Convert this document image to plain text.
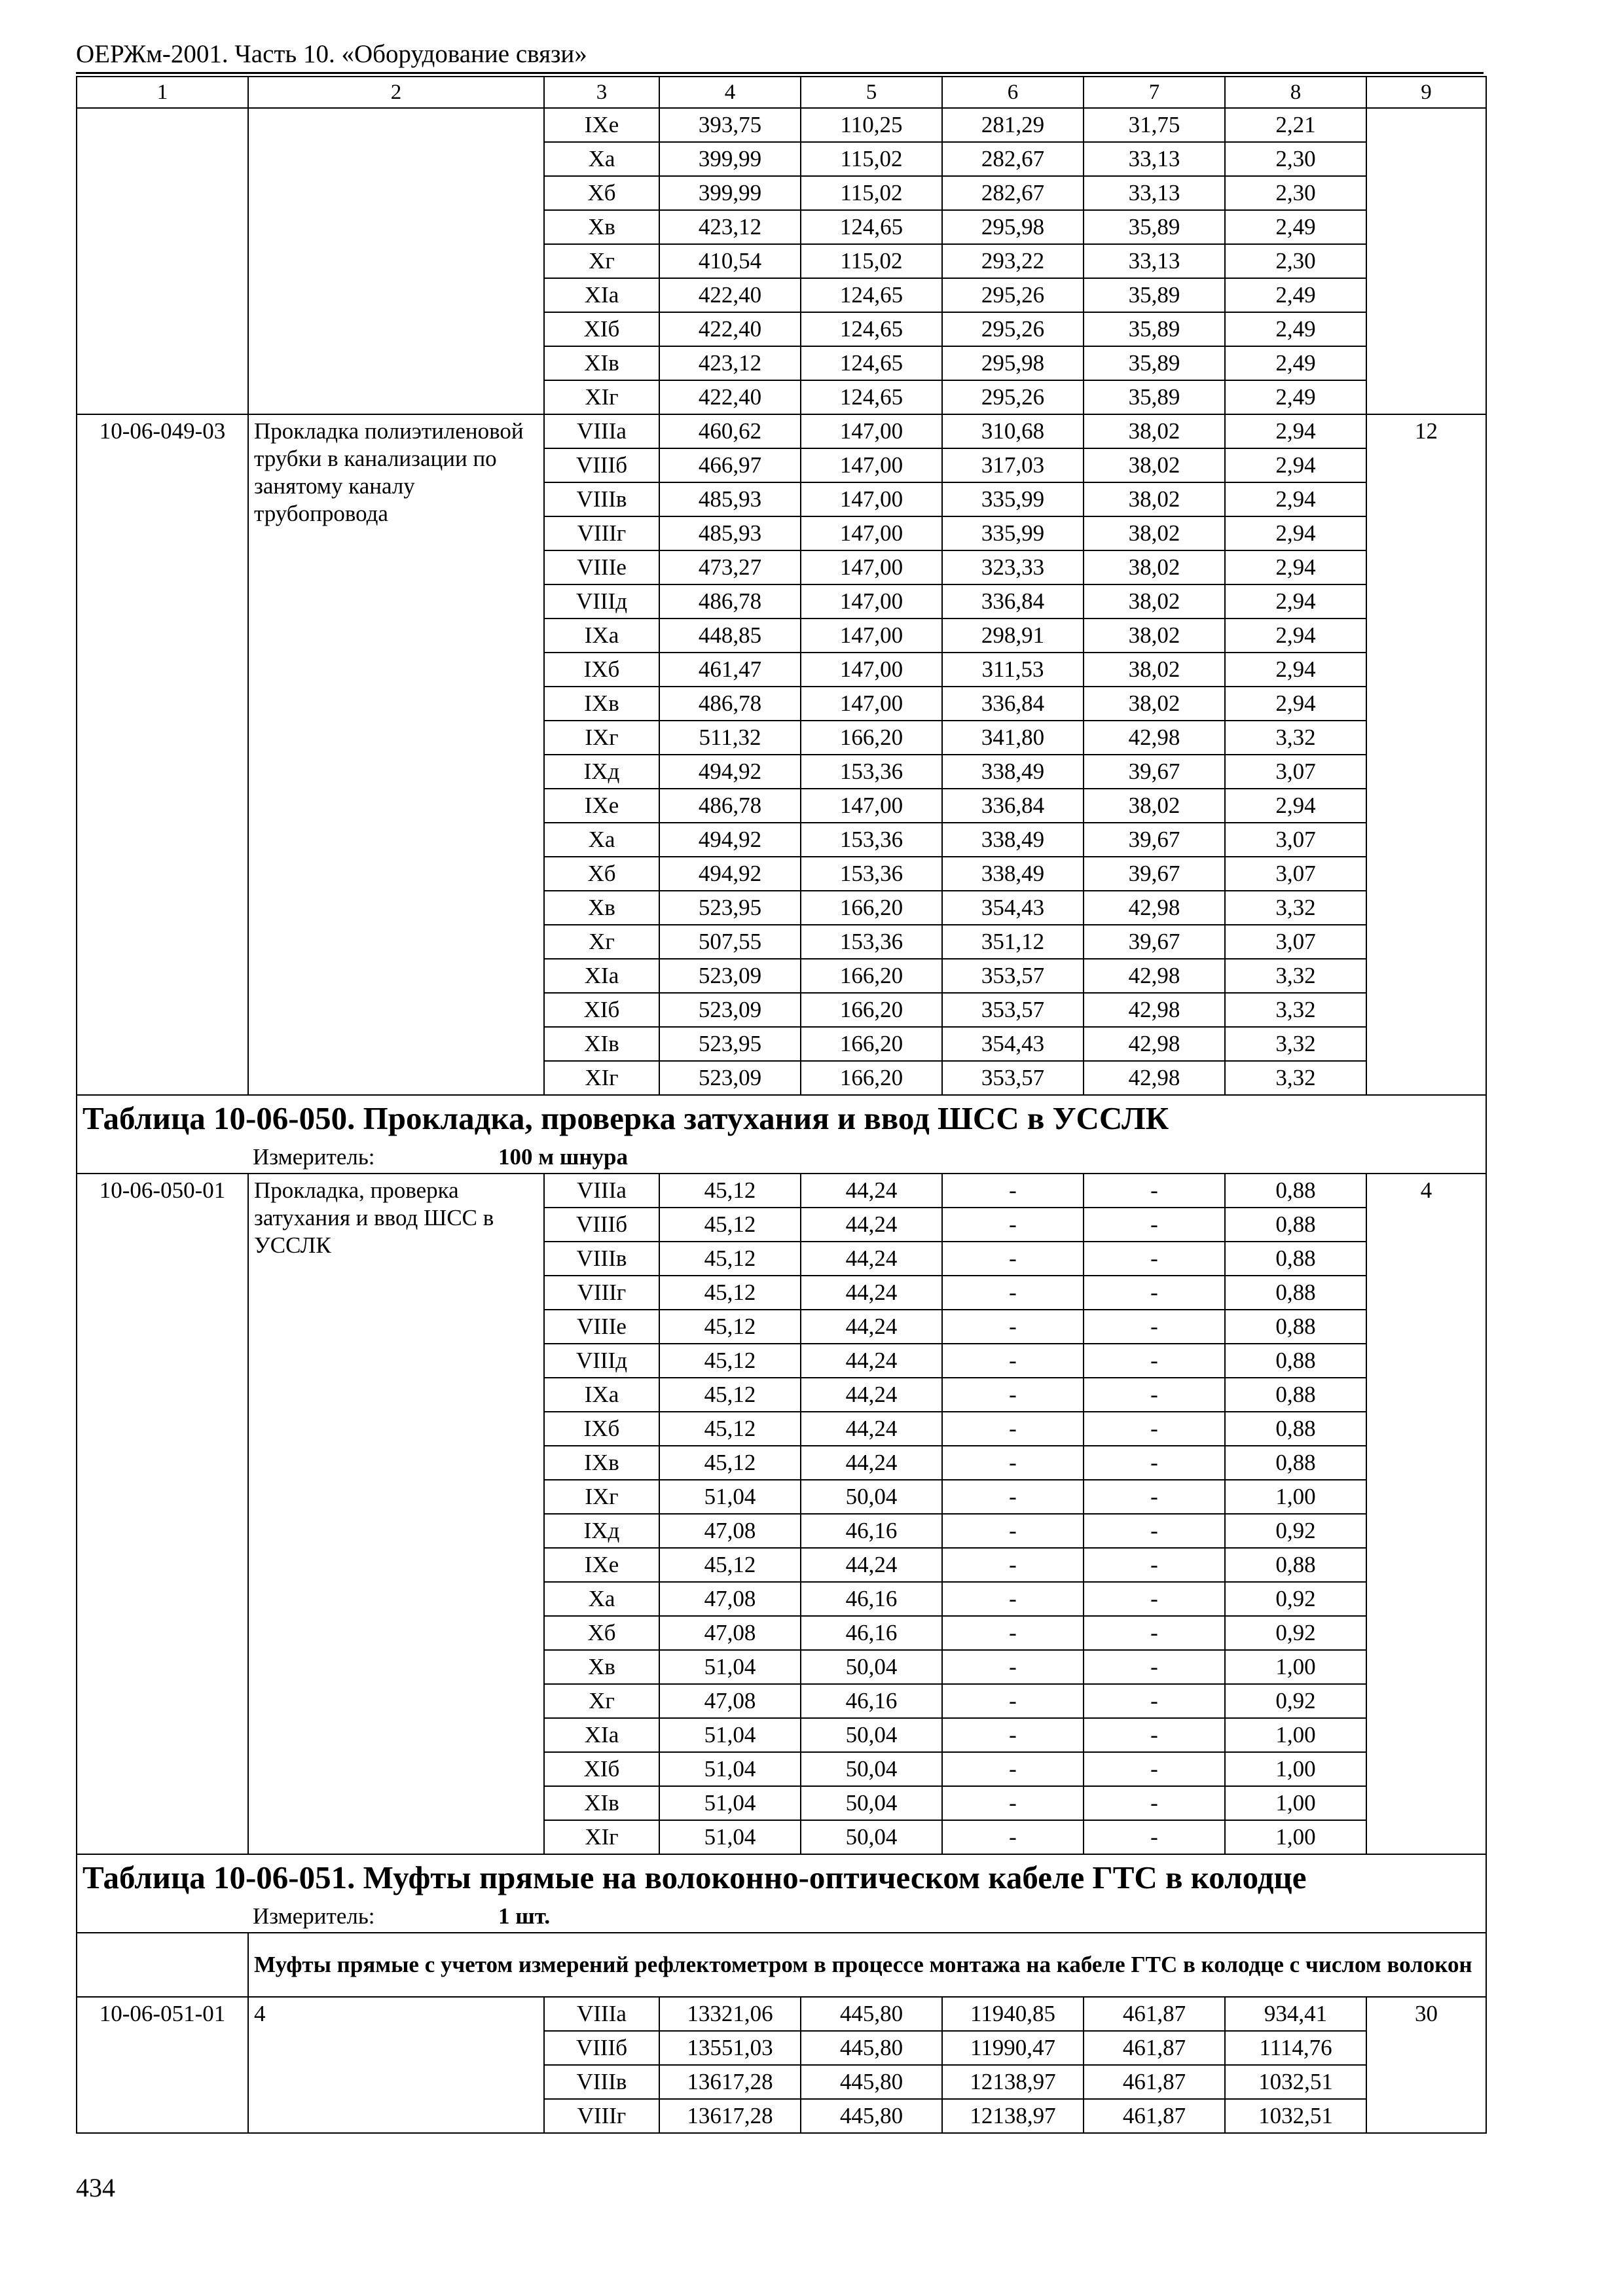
ОЕРЖм-2001. Часть 10. «Оборудование связи»
1	2	3	4	5	6	7	8	9
		IXе	393,75	110,25	281,29	31,75	2,21	
		Xа	399,99	115,02	282,67	33,13	2,30	
		Xб	399,99	115,02	282,67	33,13	2,30	
		Xв	423,12	124,65	295,98	35,89	2,49	
		Xг	410,54	115,02	293,22	33,13	2,30	
		XIа	422,40	124,65	295,26	35,89	2,49	
		XIб	422,40	124,65	295,26	35,89	2,49	
		XIв	423,12	124,65	295,98	35,89	2,49	
		XIг	422,40	124,65	295,26	35,89	2,49	
10-06-049-03	Прокладка полиэтиленовой трубки в канализации по занятому каналу трубопровода	VIIIа	460,62	147,00	310,68	38,02	2,94	12
		VIIIб	466,97	147,00	317,03	38,02	2,94	
		VIIIв	485,93	147,00	335,99	38,02	2,94	
		VIIIг	485,93	147,00	335,99	38,02	2,94	
		VIIIе	473,27	147,00	323,33	38,02	2,94	
		VIIIд	486,78	147,00	336,84	38,02	2,94	
		IXа	448,85	147,00	298,91	38,02	2,94	
		IXб	461,47	147,00	311,53	38,02	2,94	
		IXв	486,78	147,00	336,84	38,02	2,94	
		IXг	511,32	166,20	341,80	42,98	3,32	
		IXд	494,92	153,36	338,49	39,67	3,07	
		IXе	486,78	147,00	336,84	38,02	2,94	
		Xа	494,92	153,36	338,49	39,67	3,07	
		Xб	494,92	153,36	338,49	39,67	3,07	
		Xв	523,95	166,20	354,43	42,98	3,32	
		Xг	507,55	153,36	351,12	39,67	3,07	
		XIа	523,09	166,20	353,57	42,98	3,32	
		XIб	523,09	166,20	353,57	42,98	3,32	
		XIв	523,95	166,20	354,43	42,98	3,32	
		XIг	523,09	166,20	353,57	42,98	3,32	
Таблица 10-06-050. Прокладка, проверка затухания и ввод ШСС в УССЛК								
Измеритель: 100 м шнура								
10-06-050-01	Прокладка, проверка затухания и ввод ШСС в УССЛК	VIIIа	45,12	44,24	-	-	0,88	4
		VIIIб	45,12	44,24	-	-	0,88	
		VIIIв	45,12	44,24	-	-	0,88	
		VIIIг	45,12	44,24	-	-	0,88	
		VIIIе	45,12	44,24	-	-	0,88	
		VIIIд	45,12	44,24	-	-	0,88	
		IXа	45,12	44,24	-	-	0,88	
		IXб	45,12	44,24	-	-	0,88	
		IXв	45,12	44,24	-	-	0,88	
		IXг	51,04	50,04	-	-	1,00	
		IXд	47,08	46,16	-	-	0,92	
		IXе	45,12	44,24	-	-	0,88	
		Xа	47,08	46,16	-	-	0,92	
		Xб	47,08	46,16	-	-	0,92	
		Xв	51,04	50,04	-	-	1,00	
		Xг	47,08	46,16	-	-	0,92	
		XIа	51,04	50,04	-	-	1,00	
		XIб	51,04	50,04	-	-	1,00	
		XIв	51,04	50,04	-	-	1,00	
		XIг	51,04	50,04	-	-	1,00	
Таблица 10-06-051. Муфты прямые на волоконно-оптическом кабеле ГТС в колодце								
Измеритель: 1 шт.								
	Муфты прямые с учетом измерений рефлектометром в процессе монтажа на кабеле ГТС в колодце с числом волокон							
10-06-051-01	4	VIIIа	13321,06	445,80	11940,85	461,87	934,41	30
		VIIIб	13551,03	445,80	11990,47	461,87	1114,76	
		VIIIв	13617,28	445,80	12138,97	461,87	1032,51	
		VIIIг	13617,28	445,80	12138,97	461,87	1032,51	
434
